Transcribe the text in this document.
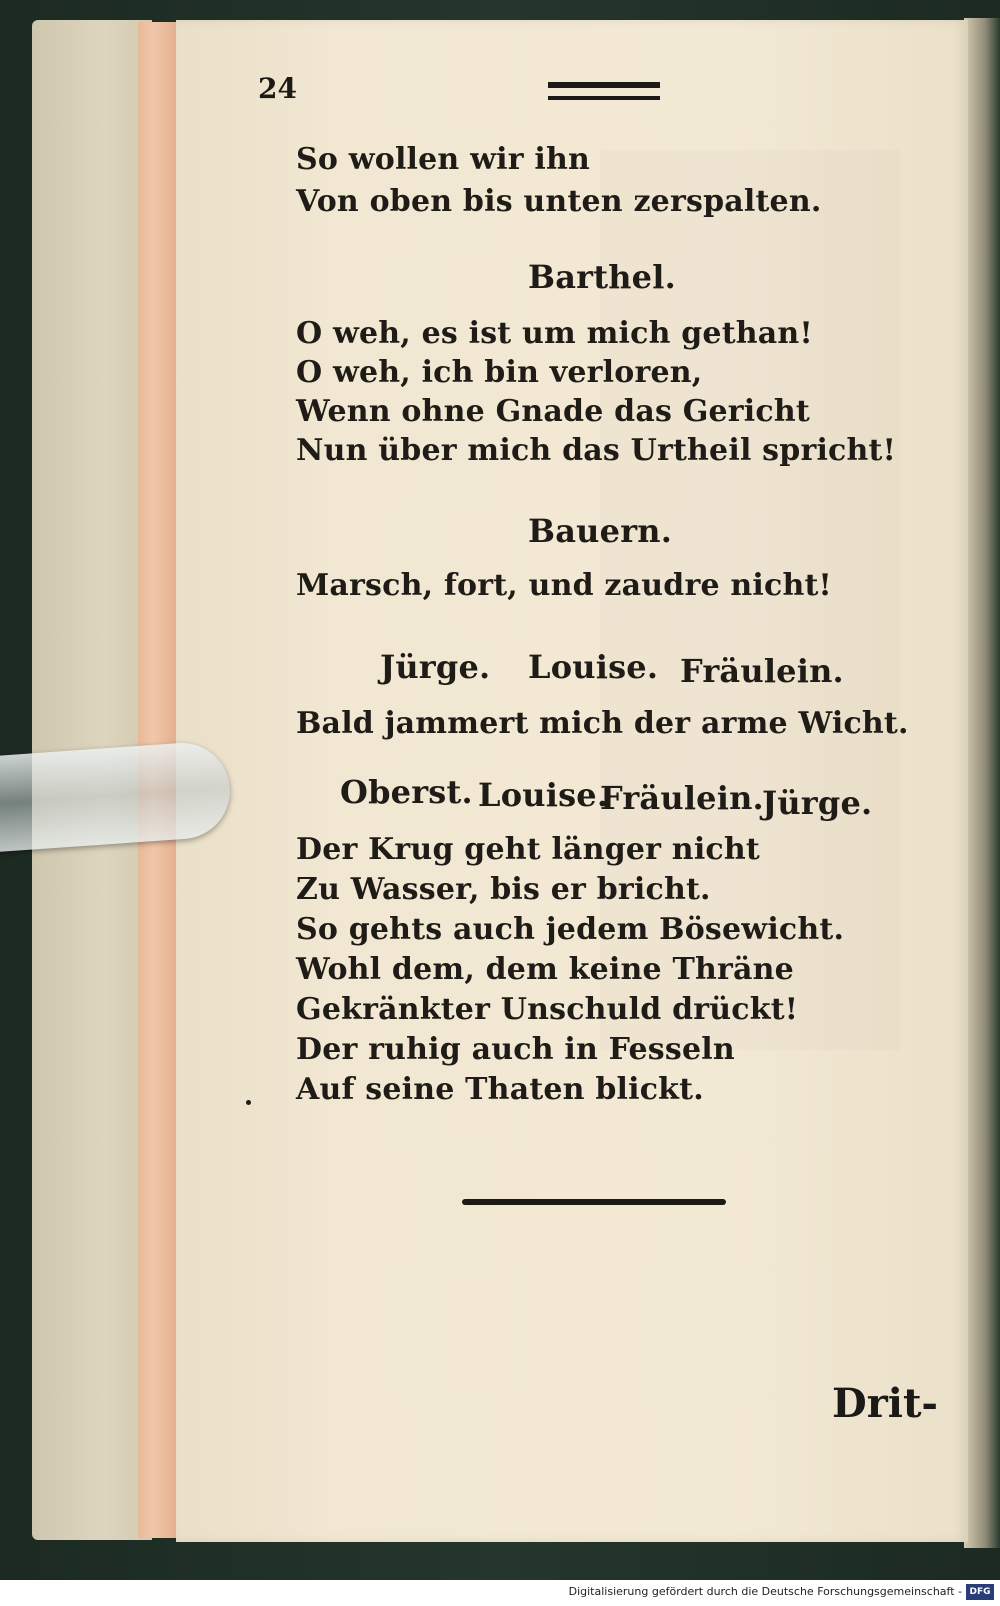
24
So wollen wir ihn
Von oben bis unten zerspalten.
Barthel.
O weh, es ist um mich gethan!
O weh, ich bin verloren,
Wenn ohne Gnade das Gericht
Nun über mich das Urtheil spricht!
Bauern.
Marsch, fort, und zaudre nicht!
Jürge. Louise. Fräulein.
Bald jammert mich der arme Wicht.
Oberst. Louise.
Fräulein.
Jürge.
Der Krug geht länger nicht
Zu Wasser, bis er bricht.
So gehts auch jedem Bösewicht.
Wohl dem, dem keine Thräne
Gekränkter Unschuld drückt!
Der ruhig auch in Fesseln
Auf seine Thaten blickt.
Drit-
Digitalisierung gefördert durch die Deutsche Forschungsgemeinschaft - DFG
